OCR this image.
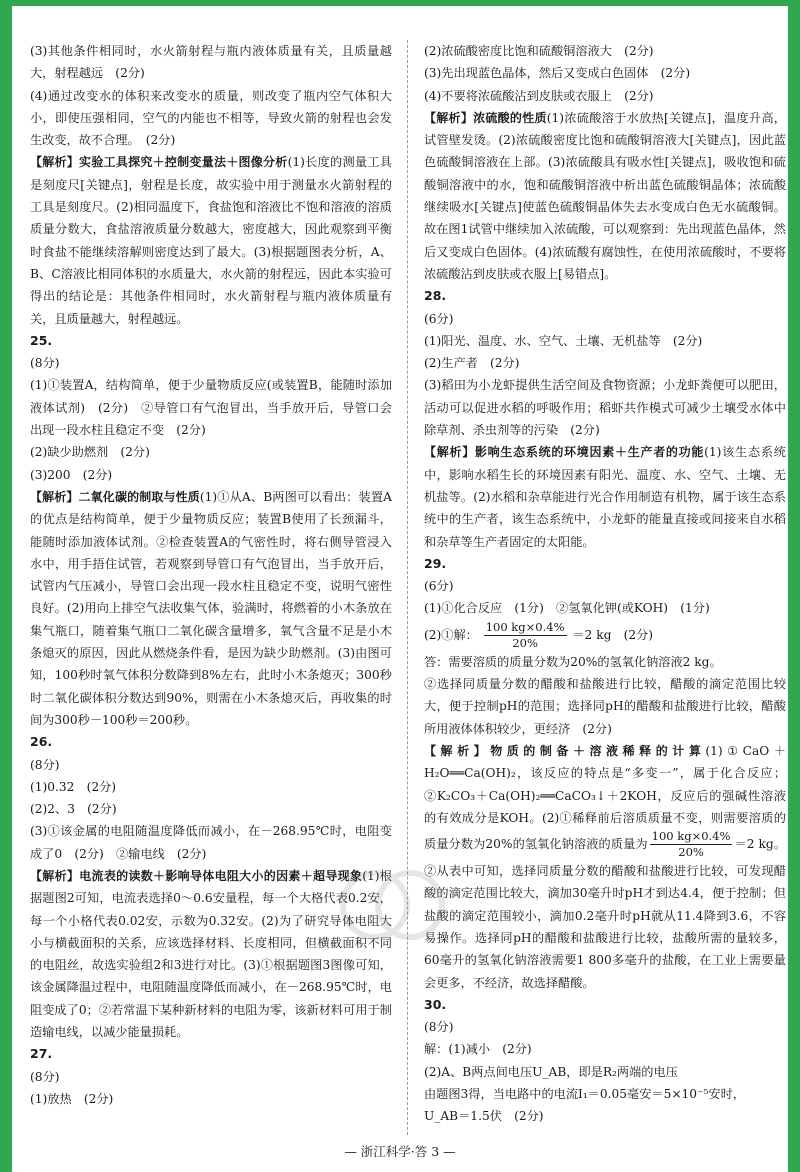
(3)其他条件相同时，水火箭射程与瓶内液体质量有关，且质量越大，射程越远　(2分)

(4)通过改变水的体积来改变水的质量，则改变了瓶内空气体积大小，即使压强相同，空气的内能也不相等，导致火箭的射程也会发生改变，故不合理。　(2分)

【解析】实验工具探究＋控制变量法＋图像分析(1)长度的测量工具是刻度尺[关键点]，射程是长度，故实验中用于测量水火箭射程的工具是刻度尺。(2)相同温度下，食盐饱和溶液比不饱和溶液的溶质质量分数大，食盐溶液质量分数越大，密度越大，因此观察到平衡时食盐不能继续溶解则密度达到了最大。(3)根据题图表分析，A、B、C溶液比相同体积的水质量大，水火箭的射程远，因此本实验可得出的结论是：其他条件相同时，水火箭射程与瓶内液体质量有关，且质量越大，射程越远。

25.

(8分)

(1)①装置A，结构简单，便于少量物质反应(或装置B，能随时添加液体试剂)　(2分)　②导管口有气泡冒出，当手放开后，导管口会出现一段水柱且稳定不变　(2分)

(2)缺少助燃剂　(2分)

(3)200　(2分)

【解析】二氧化碳的制取与性质(1)①从A、B两图可以看出：装置A的优点是结构简单，便于少量物质反应；装置B使用了长颈漏斗，能随时添加液体试剂。②检查装置A的气密性时，将右侧导管浸入水中，用手捂住试管，若观察到导管口有气泡冒出，当手放开后，试管内气压减小，导管口会出现一段水柱且稳定不变，说明气密性良好。(2)用向上排空气法收集气体，验满时，将燃着的小木条放在集气瓶口，随着集气瓶口二氧化碳含量增多，氧气含量不足是小木条熄灭的原因，因此从燃烧条件看，是因为缺少助燃剂。(3)由图可知，100秒时氧气体积分数降到8%左右，此时小木条熄灭；300秒时二氧化碳体积分数达到90%，则需在小木条熄灭后，再收集的时间为300秒－100秒＝200秒。

26.

(8分)

(1)0.32　(2分)

(2)2、3　(2分)

(3)①该金属的电阻随温度降低而减小，在－268.95℃时，电阻变成了0　(2分)　②输电线　(2分)

【解析】电流表的读数＋影响导体电阻大小的因素＋超导现象(1)根据题图2可知，电流表选择0～0.6安量程，每一个大格代表0.2安，每一个小格代表0.02安，示数为0.32安。(2)为了研究导体电阻大小与横截面积的关系，应该选择材料、长度相同，但横截面积不同的电阻丝，故选实验组2和3进行对比。(3)①根据题图3图像可知，该金属降温过程中，电阻随温度降低而减小，在－268.95℃时，电阻变成了0；②若常温下某种新材料的电阻为零，该新材料可用于制造输电线，以减少能量损耗。

27.

(8分)

(1)放热　(2分)

(2)浓硫酸密度比饱和硫酸铜溶液大　(2分)

(3)先出现蓝色晶体，然后又变成白色固体　(2分)

(4)不要将浓硫酸沾到皮肤或衣服上　(2分)

【解析】浓硫酸的性质(1)浓硫酸溶于水放热[关键点]，温度升高，试管壁发烫。(2)浓硫酸密度比饱和硫酸铜溶液大[关键点]，因此蓝色硫酸铜溶液在上部。(3)浓硫酸具有吸水性[关键点]，吸收饱和硫酸铜溶液中的水，饱和硫酸铜溶液中析出蓝色硫酸铜晶体；浓硫酸继续吸水[关键点]使蓝色硫酸铜晶体失去水变成白色无水硫酸铜。故在图1试管中继续加入浓硫酸，可以观察到：先出现蓝色晶体，然后又变成白色固体。(4)浓硫酸有腐蚀性，在使用浓硫酸时，不要将浓硫酸沾到皮肤或衣服上[易错点]。

28.

(6分)

(1)阳光、温度、水、空气、土壤、无机盐等　(2分)

(2)生产者　(2分)

(3)稻田为小龙虾提供生活空间及食物资源；小龙虾粪便可以肥田，活动可以促进水稻的呼吸作用；稻虾共作模式可减少土壤受水体中除草剂、杀虫剂等的污染　(2分)

【解析】影响生态系统的环境因素＋生产者的功能(1)该生态系统中，影响水稻生长的环境因素有阳光、温度、水、空气、土壤、无机盐等。(2)水稻和杂草能进行光合作用制造有机物，属于该生态系统中的生产者，该生态系统中，小龙虾的能量直接或间接来自水稻和杂草等生产者固定的太阳能。

29.

(6分)

(1)①化合反应　(1分)　②氢氧化钾(或KOH)　(1分)

(2)①解： $\frac{100 kg\times 0.4\%}{20\%} =2$ kg　(2分)

答：需要溶质的质量分数为20%的氢氧化钠溶液2 kg。

②选择同质量分数的醋酸和盐酸进行比较，醋酸的滴定范围比较大，便于控制pH的范围；选择同pH的醋酸和盐酸进行比较，醋酸所用液体体积较少，更经济　(2分)

【解析】物质的制备＋溶液稀释的计算(1)①CaO＋H₂O══Ca(OH)₂，该反应的特点是“多变一”，属于化合反应；②K₂CO₃＋Ca(OH)₂══CaCO₃↓＋2KOH，反应后的强碱性溶液的有效成分是KOH。(2)①稀释前后溶质质量不变，则需要溶质的质量分数为20%的氢氧化钠溶液的质量为 $\frac{100 kg\times 0.4\%}{20\%} =2$ kg。②从表中可知，选择同质量分数的醋酸和盐酸进行比较，可发现醋酸的滴定范围比较大，滴加30毫升时pH才到达4.4，便于控制；但盐酸的滴定范围较小，滴加0.2毫升时pH就从11.4降到3.6，不容易操作。选择同pH的醋酸和盐酸进行比较，盐酸所需的量较多，60毫升的氢氧化钠溶液需要1 800多毫升的盐酸，在工业上需要量会更多，不经济，故选择醋酸。

30.

(8分)

解：(1)减小　(2分)

(2)A、B两点间电压U_AB，即是R₂两端的电压

由题图3得，当电路中的电流I₁＝0.05毫安＝5×10⁻⁵安时，

U_AB＝1.5伏　(2分)

— 浙江科学·答 3 —
